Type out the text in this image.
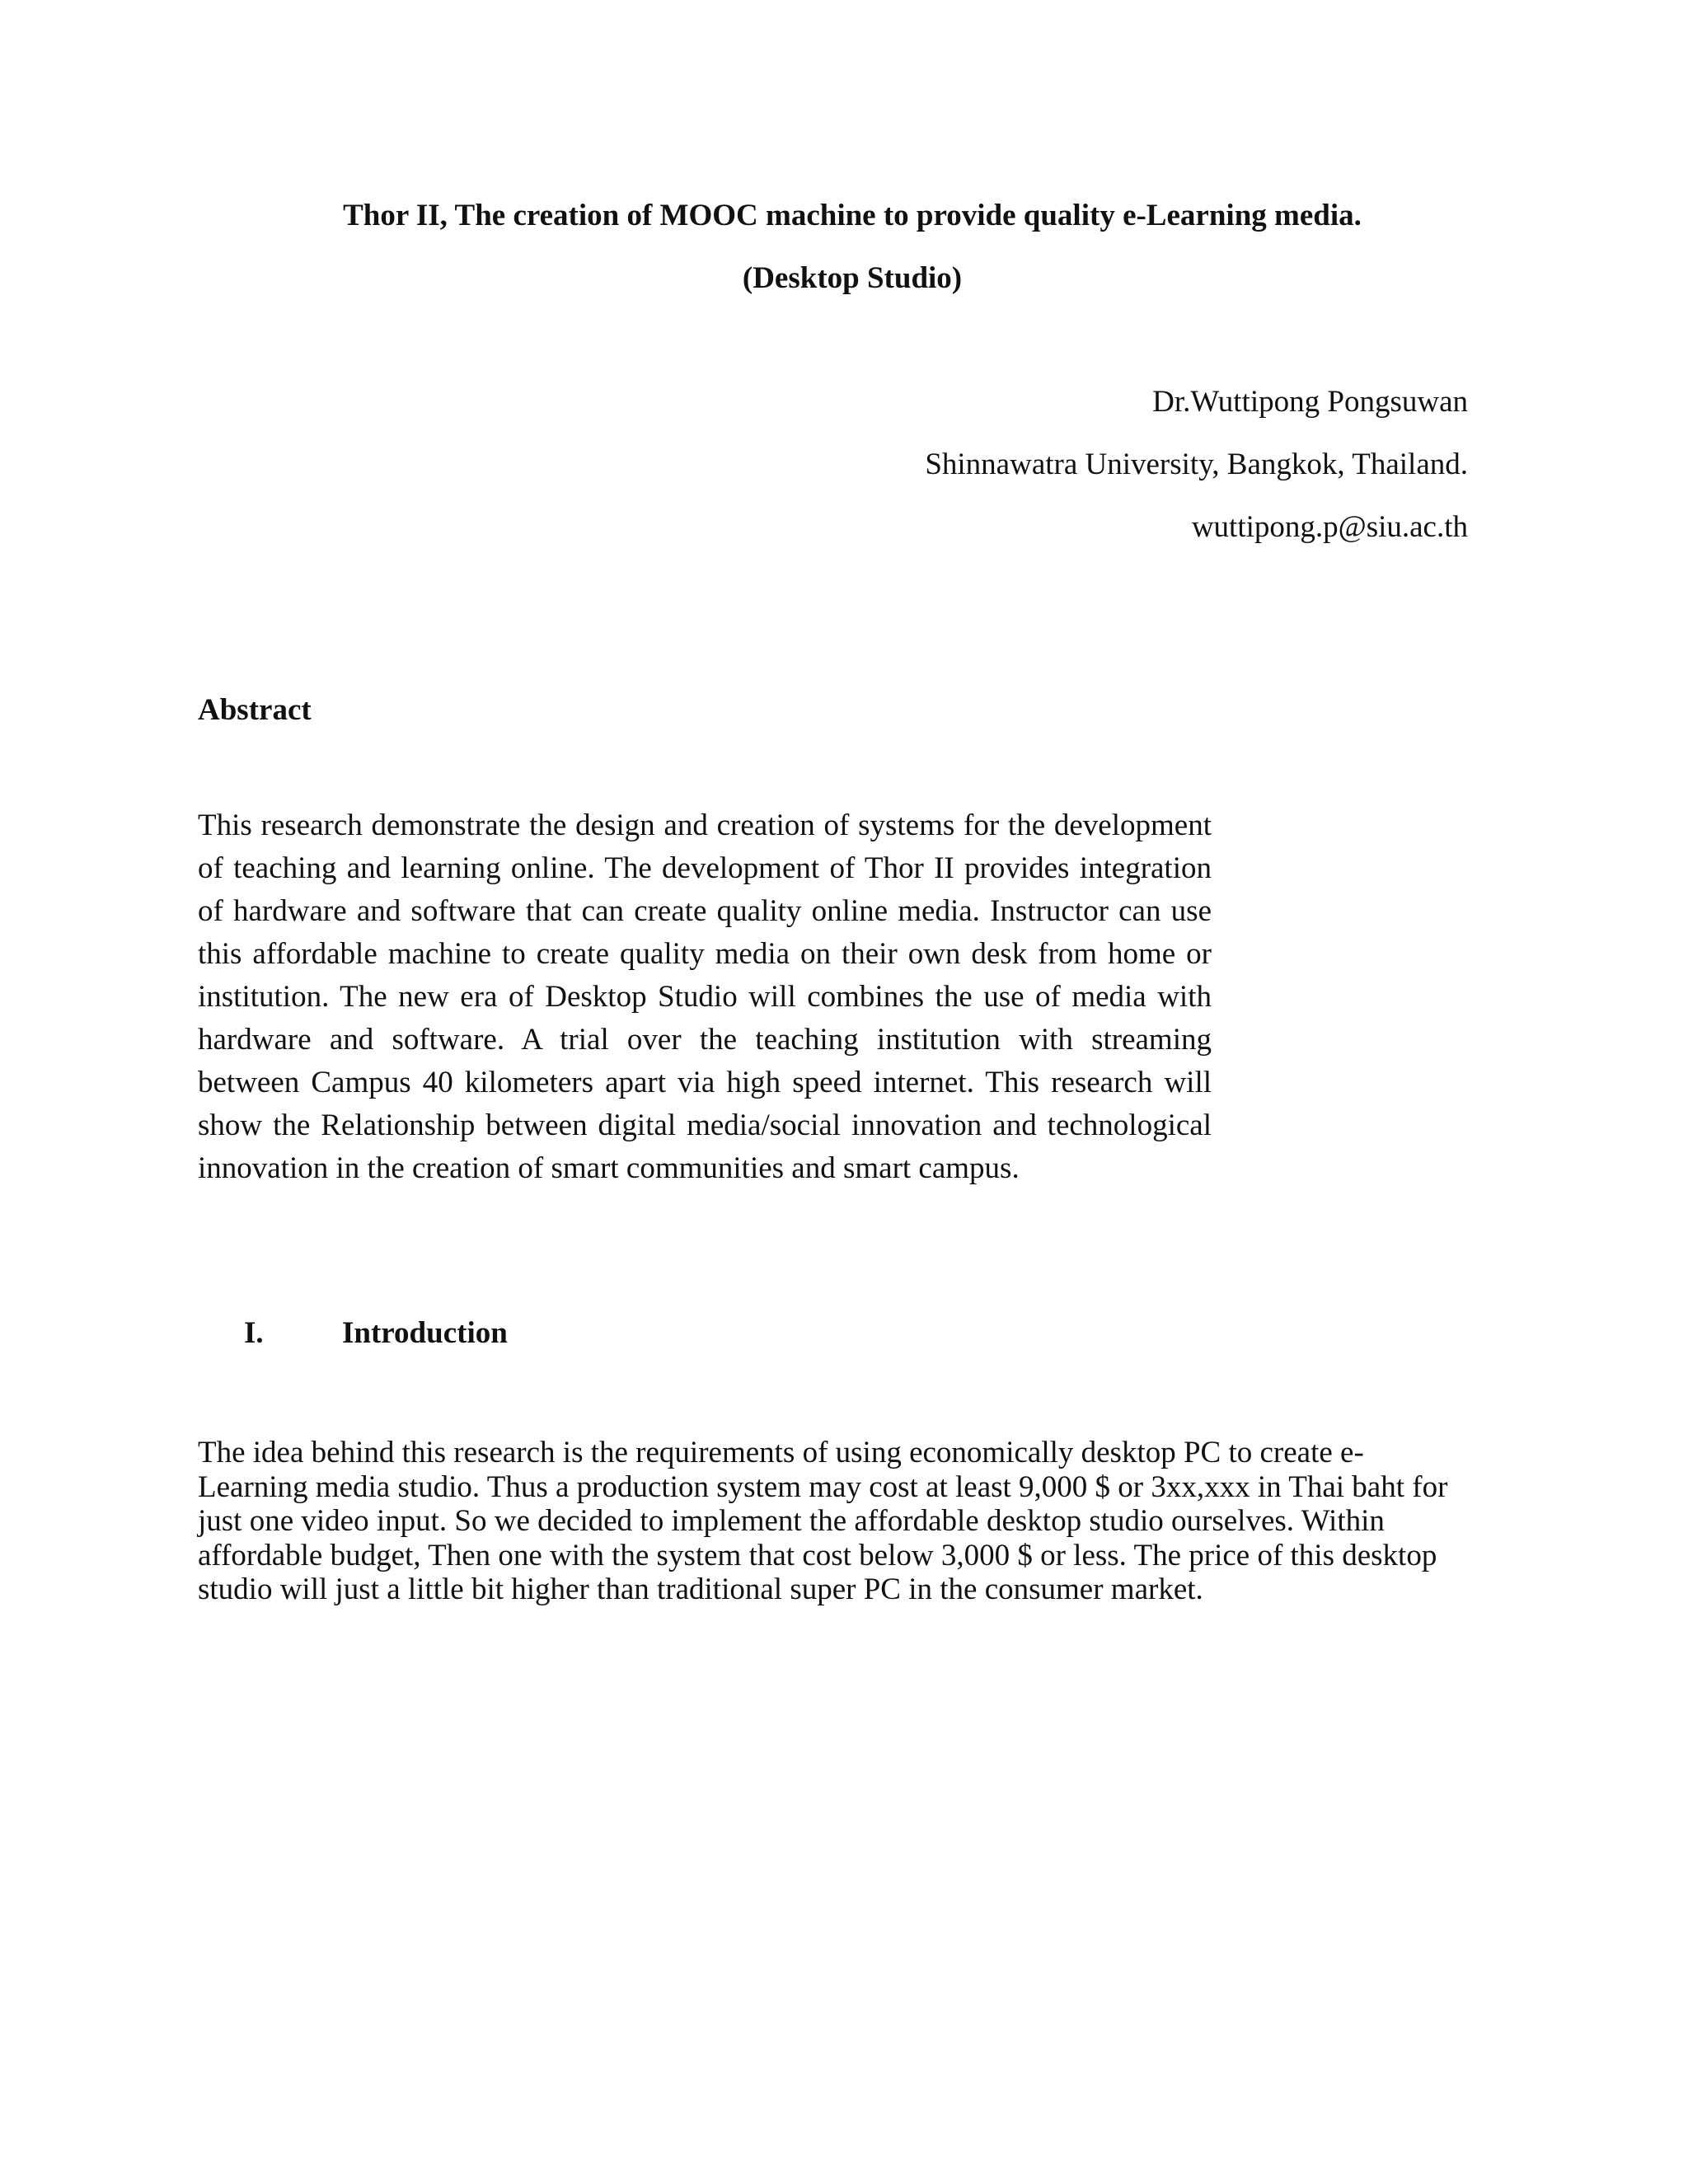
Thor II, The creation of MOOC machine to provide quality e-Learning media.
(Desktop Studio)
Dr.Wuttipong Pongsuwan
Shinnawatra University, Bangkok, Thailand.
wuttipong.p@siu.ac.th
Abstract
This research demonstrate the design and creation of systems for the development of teaching and learning online. The development of Thor II provides integration of hardware and software that can create quality online media. Instructor can use this affordable machine to create quality media on their own desk from home or institution. The new era of Desktop Studio will combines the use of media with hardware and software. A trial over the teaching institution with streaming between Campus 40 kilometers apart via high speed internet. This research will show the Relationship between digital media/social innovation and technological innovation in the creation of smart communities and smart campus.
I.	Introduction
The idea behind this research is the requirements of using economically desktop PC to create e-Learning media studio. Thus a production system may cost at least 9,000 $ or 3xx,xxx in Thai baht for just one video input. So we decided to implement the affordable desktop studio ourselves. Within affordable budget, Then one with the system that cost below 3,000 $ or less. The price of this desktop studio will just a little bit higher than traditional super PC in the consumer market.
